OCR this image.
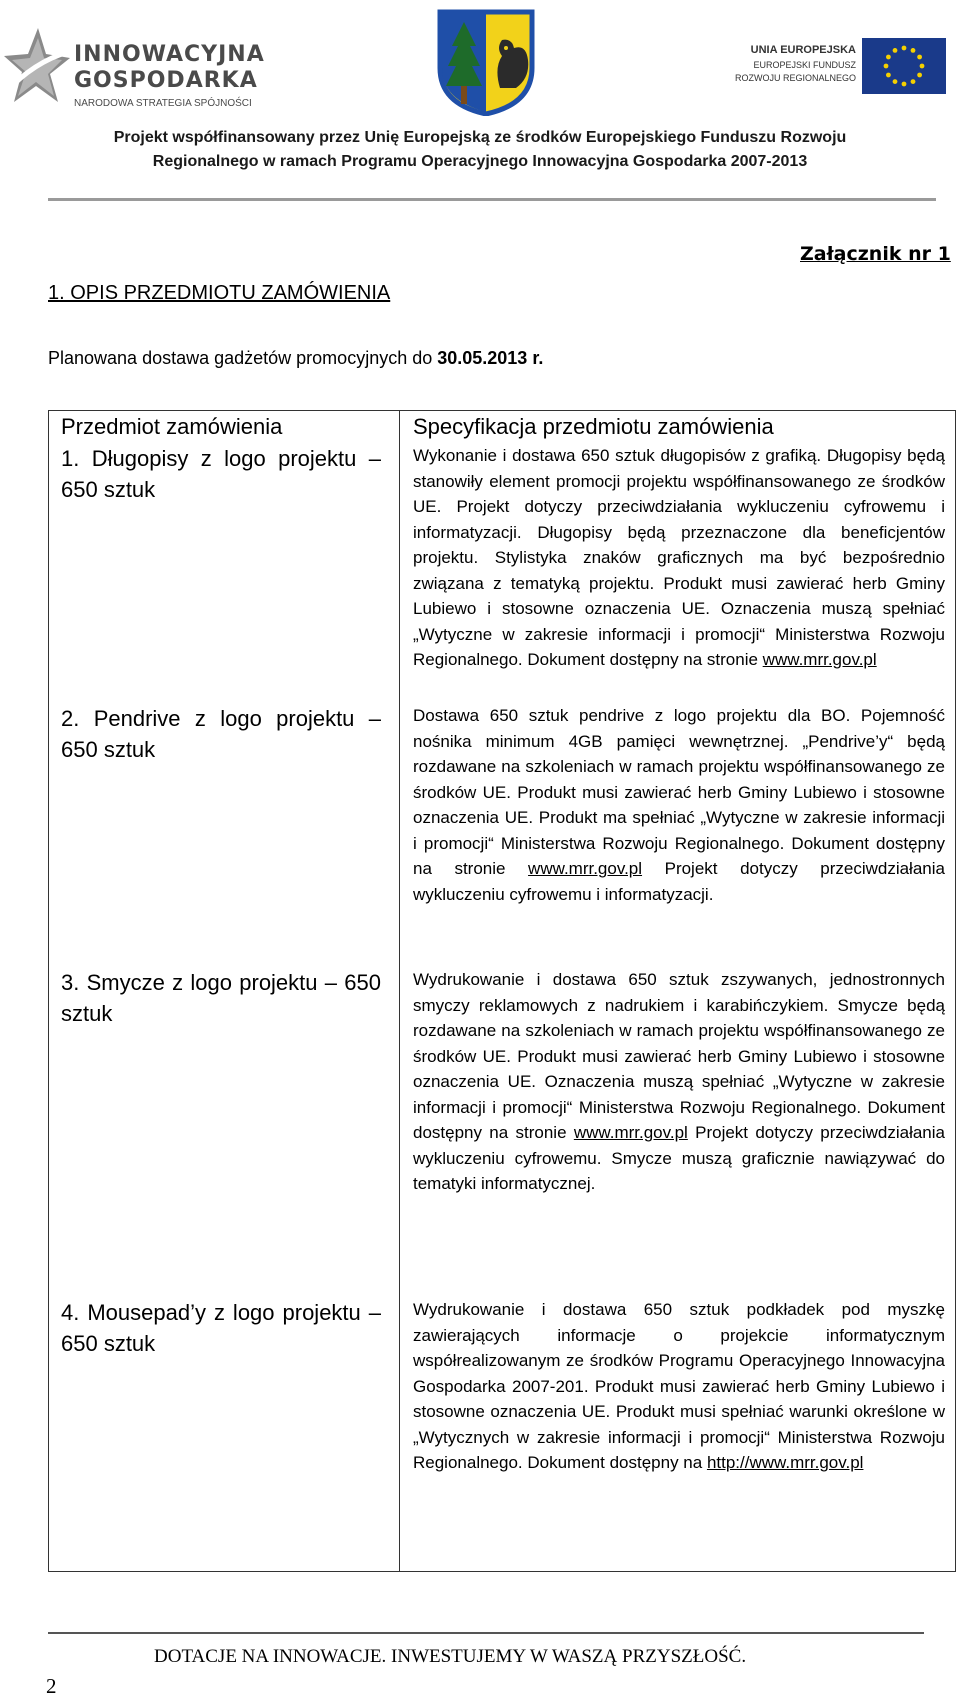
INNOWACYJNA
GOSPODARKA
NARODOWA STRATEGIA SPÓJNOŚCI
UNIA EUROPEJSKA
EUROPEJSKI FUNDUSZ
ROZWOJU REGIONALNEGO
Projekt współfinansowany przez Unię Europejską ze środków Europejskiego Funduszu Rozwoju
Regionalnego w ramach Programu Operacyjnego Innowacyjna Gospodarka 2007-2013
Załącznik nr 1
1. OPIS PRZEDMIOTU ZAMÓWIENIA
Planowana dostawa gadżetów promocyjnych do 30.05.2013 r.
Przedmiot zamówienia	Specyfikacja przedmiotu zamówienia
1. Długopisy z logo projektu – 650 sztuk
Wykonanie i dostawa 650 sztuk długopisów z grafiką. Długopisy będą stanowiły element promocji projektu współfinansowanego ze środków UE. Projekt dotyczy przeciwdziałania wykluczeniu cyfrowemu i informatyzacji. Długopisy będą przeznaczone dla beneficjentów projektu. Stylistyka znaków graficznych ma być bezpośrednio związana z tematyką projektu. Produkt musi zawierać herb Gminy Lubiewo i stosowne oznaczenia UE. Oznaczenia muszą spełniać „Wytyczne w zakresie informacji i promocji“ Ministerstwa Rozwoju Regionalnego. Dokument dostępny na stronie www.mrr.gov.pl
2. Pendrive z logo projektu – 650 sztuk
Dostawa 650 sztuk pendrive z logo projektu dla BO. Pojemność nośnika minimum 4GB pamięci wewnętrznej. „Pendrive’y“ będą rozdawane na szkoleniach w ramach projektu współfinansowanego ze środków UE. Produkt musi zawierać herb Gminy Lubiewo i stosowne oznaczenia UE. Produkt ma spełniać „Wytyczne w zakresie informacji i promocji“ Ministerstwa Rozwoju Regionalnego. Dokument dostępny na stronie www.mrr.gov.pl Projekt dotyczy przeciwdziałania wykluczeniu cyfrowemu i informatyzacji.
3. Smycze z logo projektu – 650 sztuk
Wydrukowanie i dostawa 650 sztuk zszywanych, jednostronnych smyczy reklamowych z nadrukiem i karabińczykiem. Smycze będą rozdawane na szkoleniach w ramach projektu współfinansowanego ze środków UE. Produkt musi zawierać herb Gminy Lubiewo i stosowne oznaczenia UE. Oznaczenia muszą spełniać „Wytyczne w zakresie informacji i promocji“ Ministerstwa Rozwoju Regionalnego. Dokument dostępny na stronie www.mrr.gov.pl Projekt dotyczy przeciwdziałania wykluczeniu cyfrowemu. Smycze muszą graficznie nawiązywać do tematyki informatycznej.
4. Mousepad’y z logo projektu – 650 sztuk
Wydrukowanie i dostawa 650 sztuk podkładek pod myszkę zawierających informacje o projekcie informatycznym współrealizowanym ze środków Programu Operacyjnego Innowacyjna Gospodarka 2007-201. Produkt musi zawierać herb Gminy Lubiewo i stosowne oznaczenia UE. Produkt musi spełniać warunki określone w „Wytycznych w zakresie informacji i promocji“ Ministerstwa Rozwoju Regionalnego. Dokument dostępny na http://www.mrr.gov.pl
DOTACJE NA INNOWACJE. INWESTUJEMY W WASZĄ PRZYSZŁOŚĆ.
2
